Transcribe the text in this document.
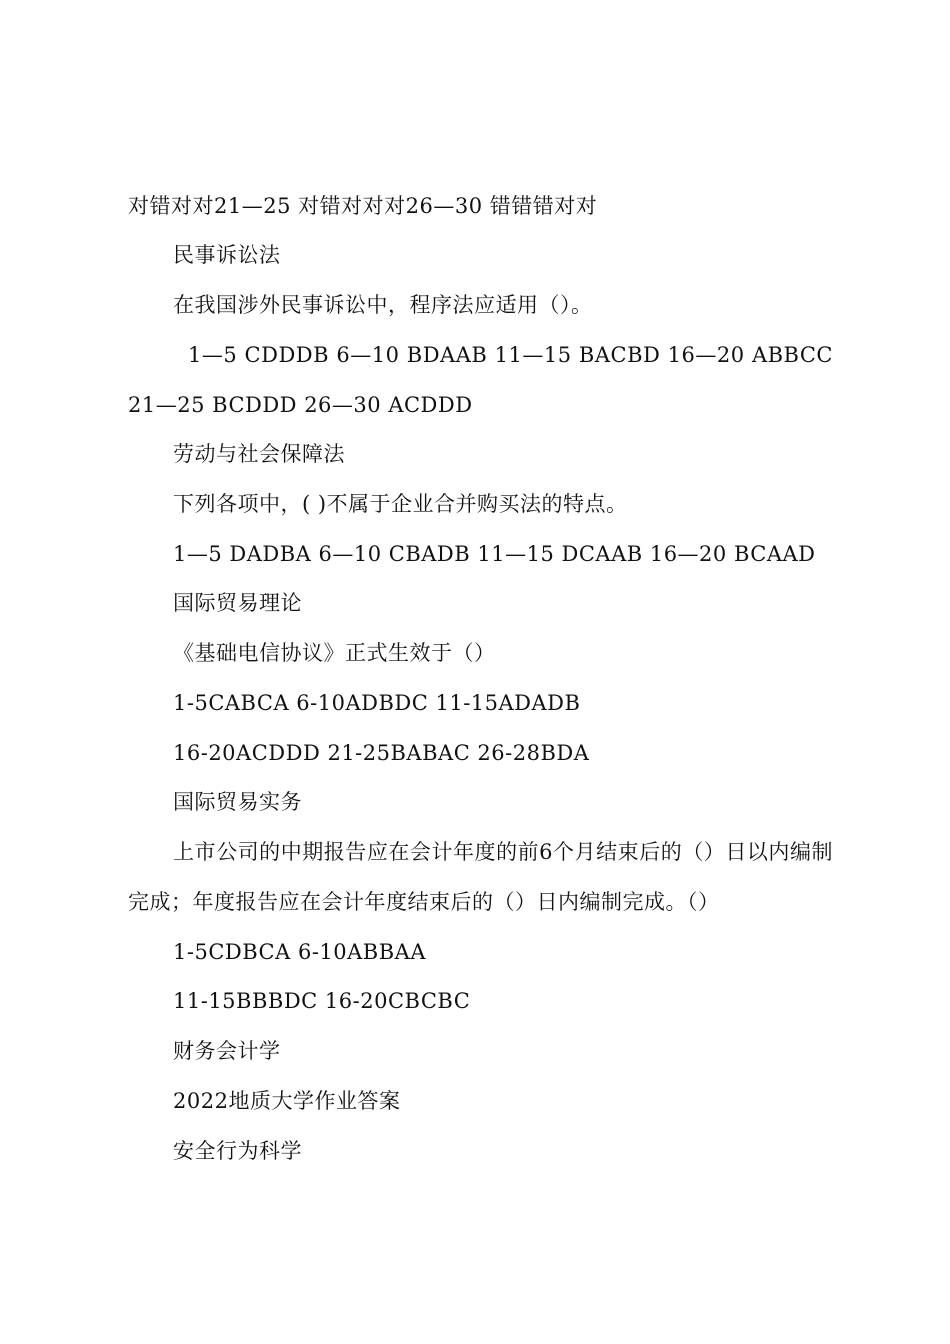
对错对对21—25 对错对对对26—30 错错错对对
民事诉讼法
在我国涉外民事诉讼中，程序法应适用（）。
1—5 CDDDB 6—10 BDAAB 11—15 BACBD 16—20 ABBCC 21—25 BCDDD 26—30 ACDDD
劳动与社会保障法
下列各项中，( )不属于企业合并购买法的特点。
1—5 DADBA 6—10 CBADB 11—15 DCAAB 16—20 BCAAD
国际贸易理论
《基础电信协议》正式生效于（）
1-5CABCA 6-10ADBDC 11-15ADADB
16-20ACDDD 21-25BABAC 26-28BDA
国际贸易实务
上市公司的中期报告应在会计年度的前6个月结束后的（）日以内编制完成；年度报告应在会计年度结束后的（）日内编制完成。（）
1-5CDBCA 6-10ABBAA
11-15BBBDC 16-20CBCBC
财务会计学
2022地质大学作业答案
安全行为科学
